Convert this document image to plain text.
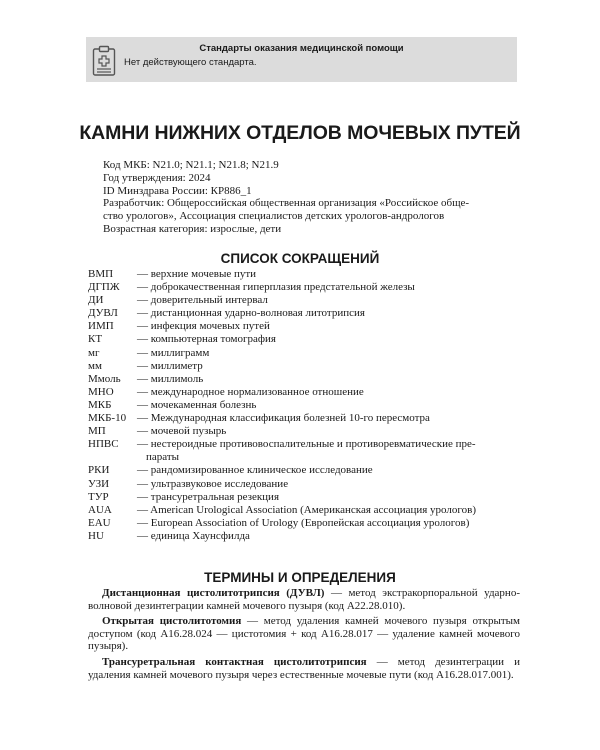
Стандарты оказания медицинской помощи
Нет действующего стандарта.
КАМНИ НИЖНИХ ОТДЕЛОВ МОЧЕВЫХ ПУТЕЙ
Код МКБ: N21.0; N21.1; N21.8; N21.9
Год утверждения: 2024
ID Минздрава России: КР886_1
Разработчик: Общероссийская общественная организация «Российское обще-
ство урологов», Ассоциация специалистов детских урологов-андрологов
Возрастная категория: изрослые, дети
СПИСОК СОКРАЩЕНИЙ
ВМП	— верхние мочевые пути
ДГПЖ	— доброкачественная гиперплазия предстательной железы
ДИ	— доверительный интервал
ДУВЛ	— дистанционная ударно-волновая литотрипсия
ИМП	— инфекция мочевых путей
КТ	— компьютерная томография
мг	— миллиграмм
мм	— миллиметр
Ммоль	— миллимоль
МНО	— международное нормализованное отношение
МКБ	— мочекаменная болезнь
МКБ-10 — Международная классификация болезней 10-го пересмотра
МП	— мочевой пузырь
НПВС	— нестероидные противовоспалительные и противоревматические пре-
параты
РКИ	— рандомизированное клиническое исследование
УЗИ	— ультразвуковое исследование
ТУР	— трансуретральная резекция
AUA	— American Urological Association (Американская ассоциация урологов)
EAU	— European Association of Urology (Европейская ассоциация урологов)
HU	— единица Хаунсфилда
ТЕРМИНЫ И ОПРЕДЕЛЕНИЯ

Дистанционная цистолитотрипсия (ДУВЛ) — метод экстракорпоральной ударно-волновой дезинтеграции камней мочевого пузыря (код А22.28.010).

Открытая цистолитотомия — метод удаления камней мочевого пузыря открытым доступом (код А16.28.024 — цистотомия + код А16.28.017 — удаление камней мочевого пузыря).

Трансуретральная контактная цистолитотрипсия — метод дезинтеграции и удаления камней мочевого пузыря через естественные мочевые пути (код А16.28.017.001).
